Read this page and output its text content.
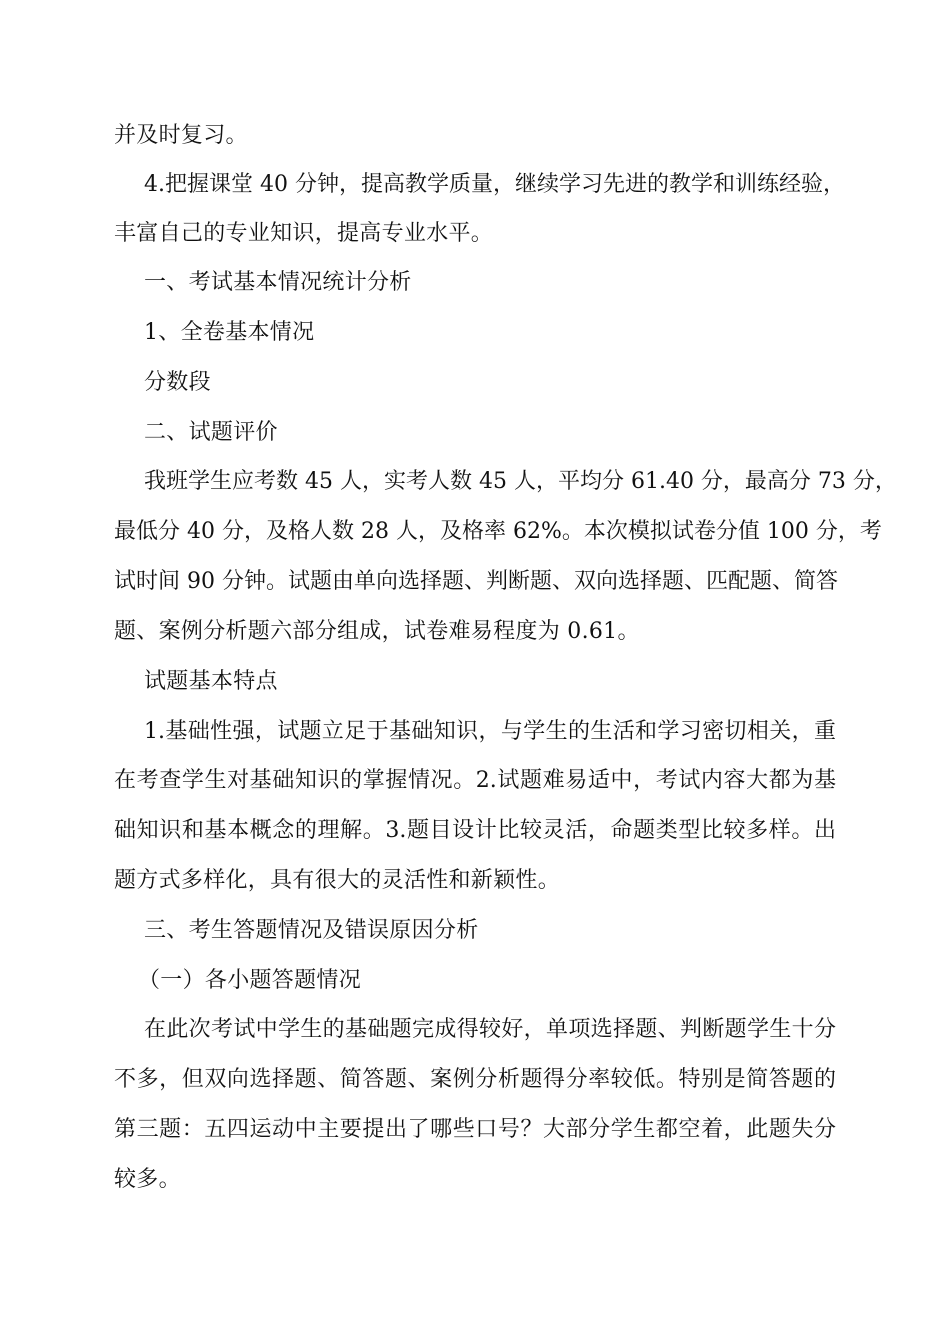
并及时复习。
4.把握课堂 40 分钟，提高教学质量，继续学习先进的教学和训练经验，
丰富自己的专业知识，提高专业水平。
一、考试基本情况统计分析
1、全卷基本情况
分数段
二、试题评价
我班学生应考数 45 人，实考人数 45 人，平均分 61.40 分，最高分 73 分，
最低分 40 分，及格人数 28 人，及格率 62%。本次模拟试卷分值 100 分，考
试时间 90 分钟。试题由单向选择题、判断题、双向选择题、匹配题、简答
题、案例分析题六部分组成，试卷难易程度为 0.61。
试题基本特点
1.基础性强，试题立足于基础知识，与学生的生活和学习密切相关，重
在考查学生对基础知识的掌握情况。2.试题难易适中，考试内容大都为基
础知识和基本概念的理解。3.题目设计比较灵活，命题类型比较多样。出
题方式多样化，具有很大的灵活性和新颖性。
三、考生答题情况及错误原因分析
（一）各小题答题情况
在此次考试中学生的基础题完成得较好，单项选择题、判断题学生十分
不多，但双向选择题、简答题、案例分析题得分率较低。特别是简答题的
第三题：五四运动中主要提出了哪些口号？大部分学生都空着，此题失分
较多。
